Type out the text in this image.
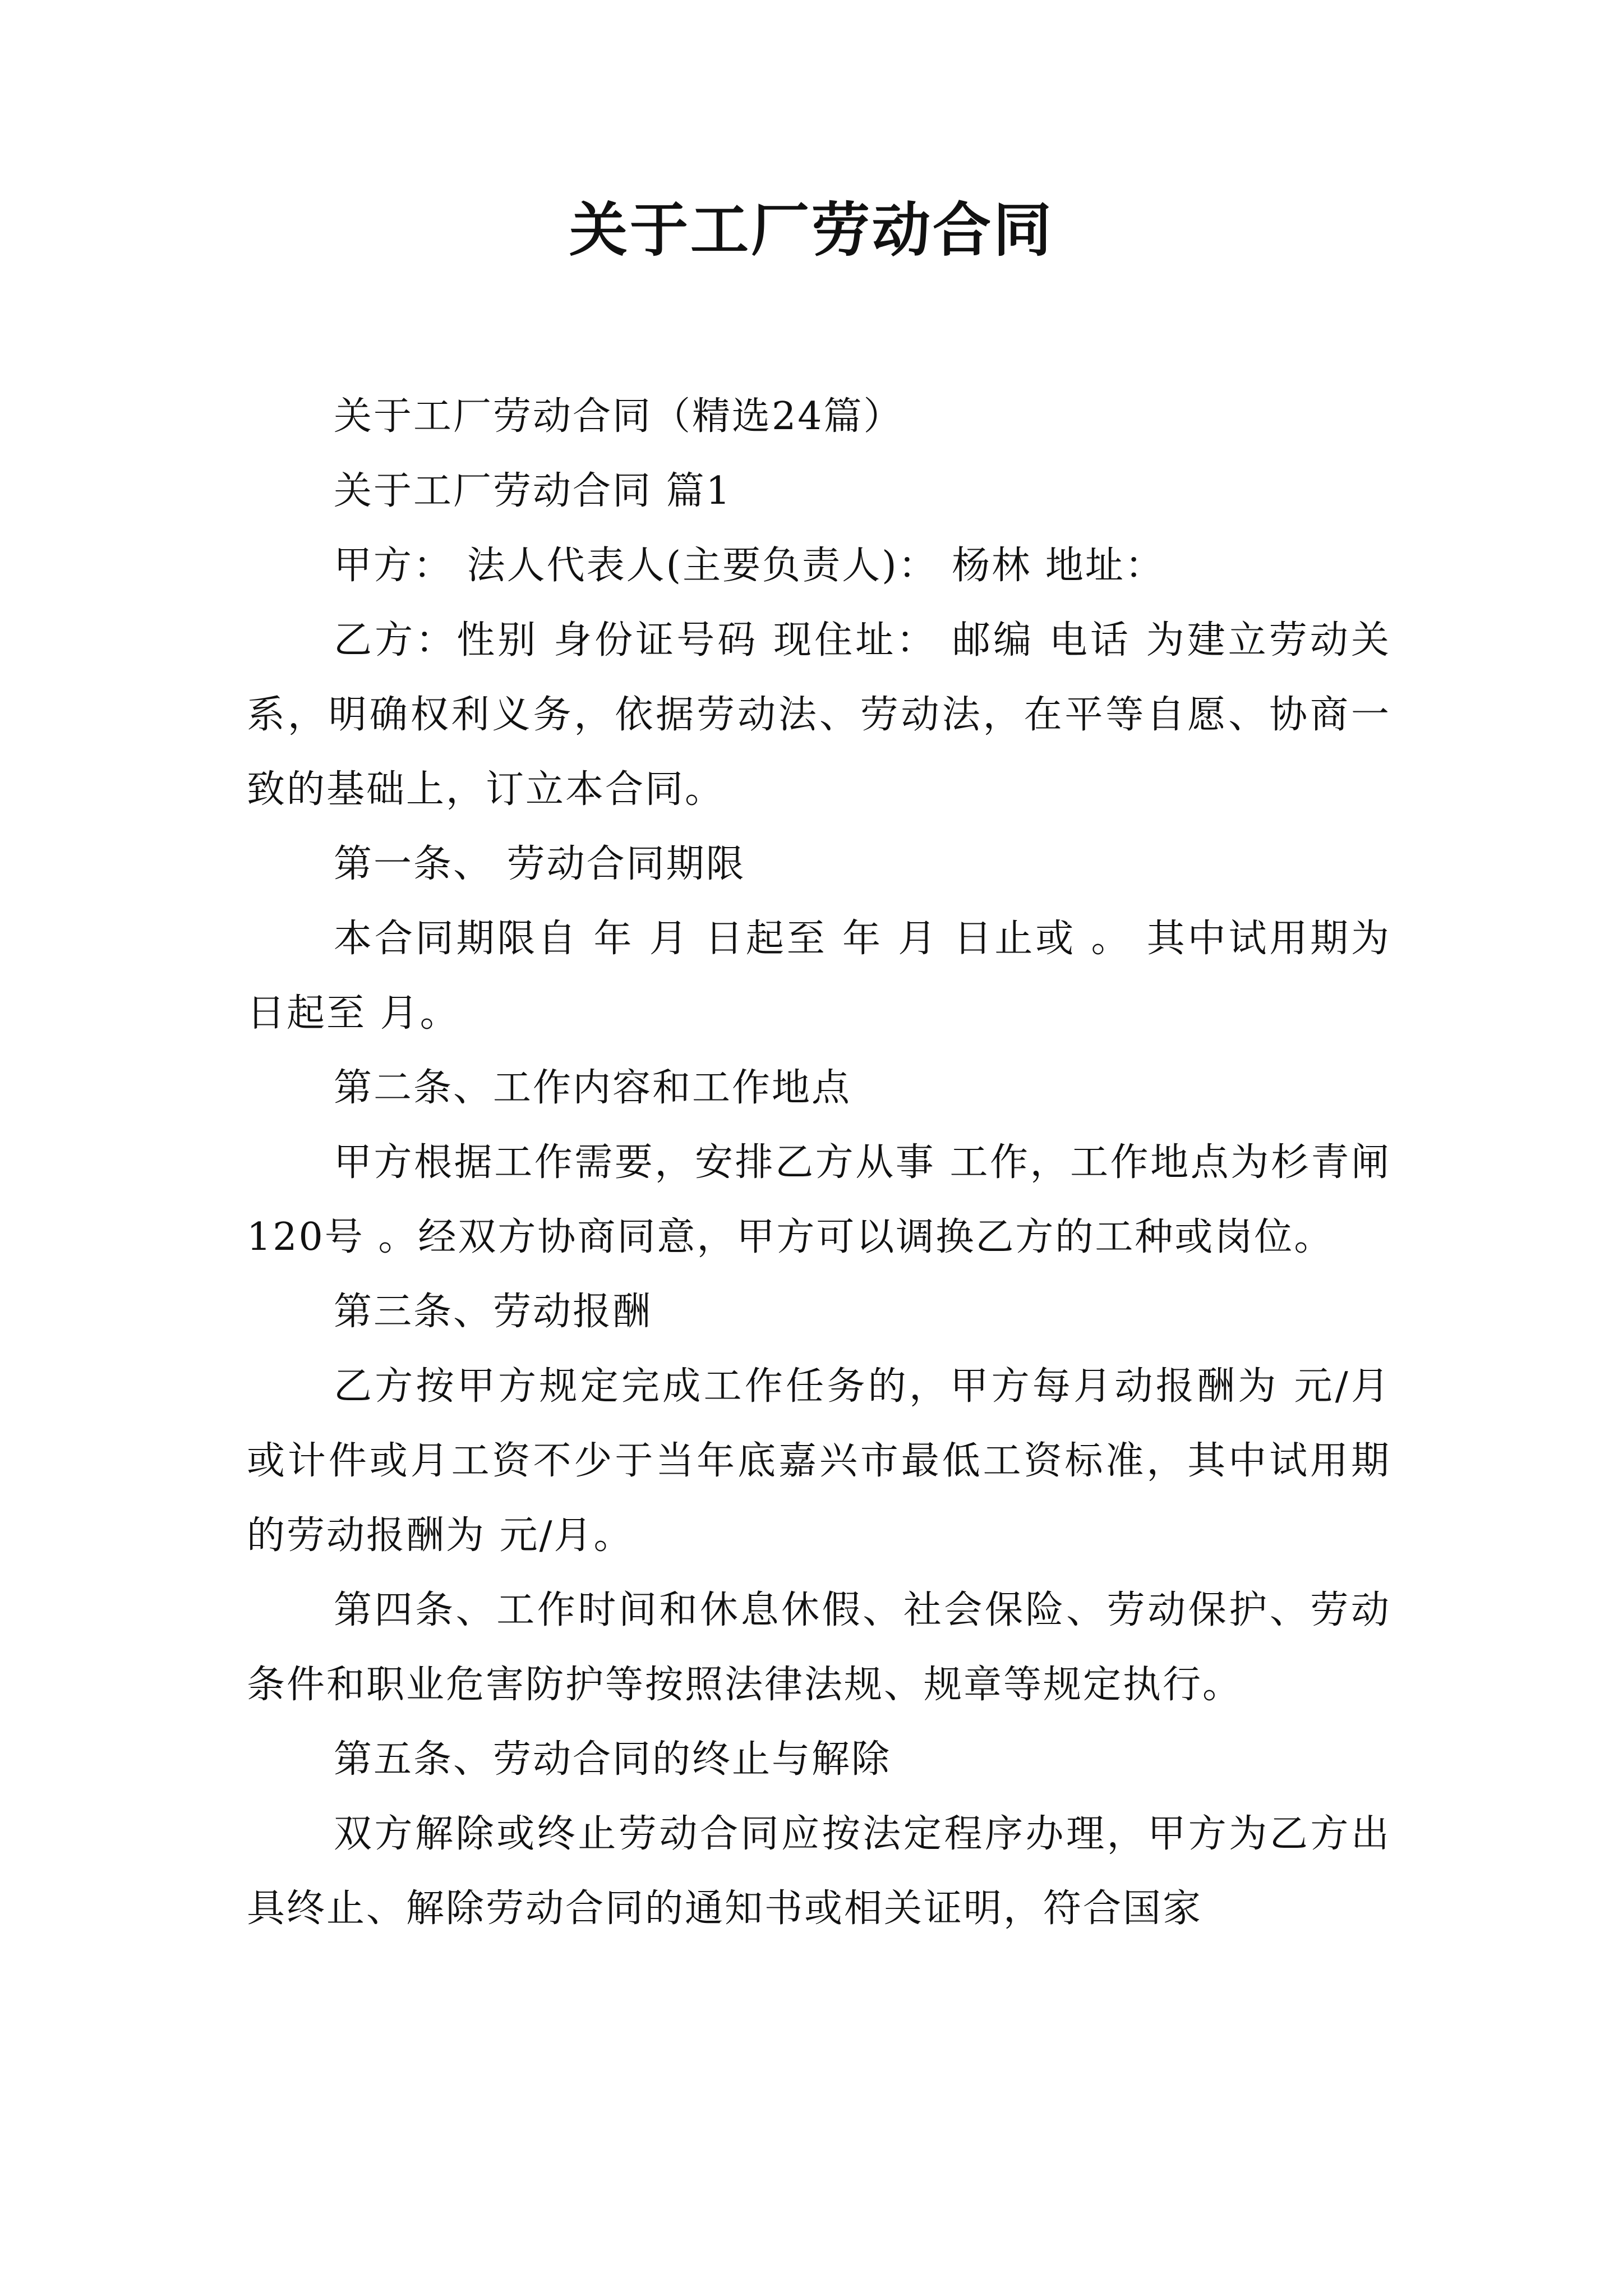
关于工厂劳动合同

关于工厂劳动合同（精选24篇）

关于工厂劳动合同 篇1

甲方： 法人代表人(主要负责人)： 杨林 地址：

乙方：性别 身份证号码 现住址： 邮编 电话 为建立劳动关系，明确权利义务，依据劳动法、劳动法，在平等自愿、协商一致的基础上，订立本合同。

第一条、 劳动合同期限

本合同期限自 年 月 日起至 年 月 日止或 。 其中试用期为日起至 月。

第二条、工作内容和工作地点

甲方根据工作需要，安排乙方从事 工作，工作地点为杉青闸120号 。经双方协商同意，甲方可以调换乙方的工种或岗位。

第三条、劳动报酬

乙方按甲方规定完成工作任务的，甲方每月动报酬为 元/月或计件或月工资不少于当年底嘉兴市最低工资标准，其中试用期的劳动报酬为 元/月。

第四条、工作时间和休息休假、社会保险、劳动保护、劳动条件和职业危害防护等按照法律法规、规章等规定执行。

第五条、劳动合同的终止与解除

双方解除或终止劳动合同应按法定程序办理，甲方为乙方出具终止、解除劳动合同的通知书或相关证明，符合国家
